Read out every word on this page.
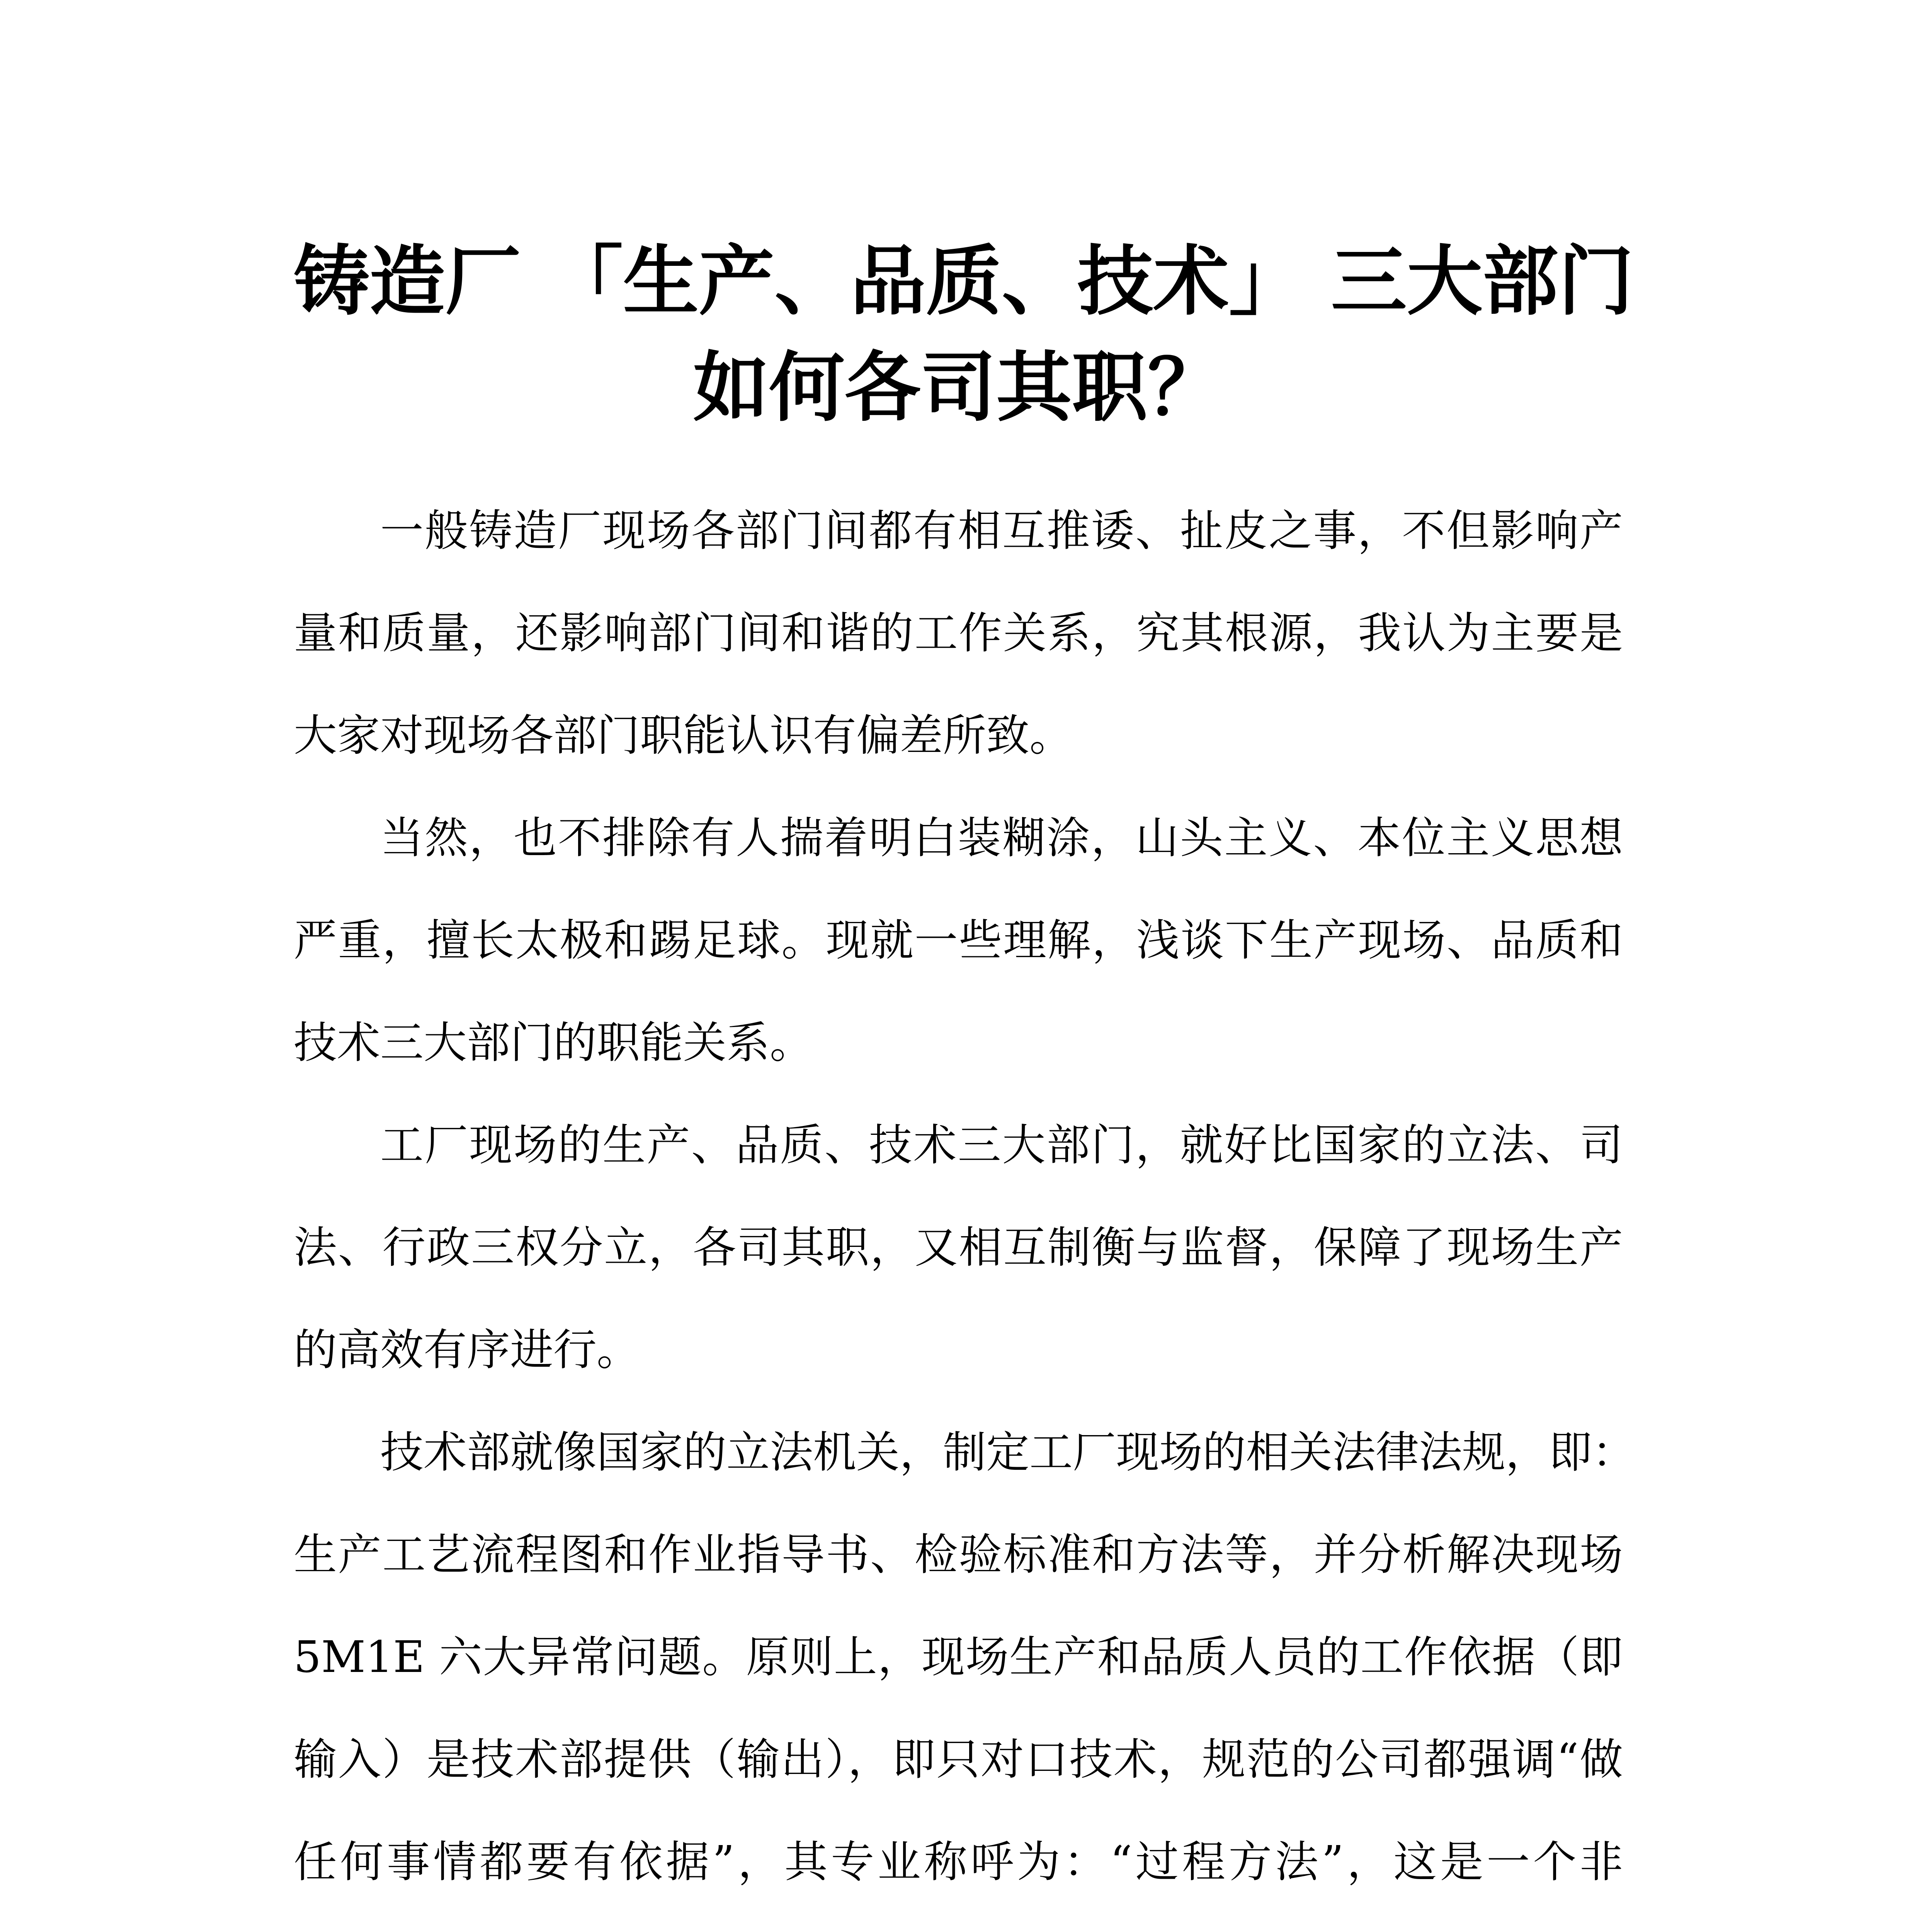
铸造厂 「生产、品质、技术」 三大部门
如何各司其职？
一般铸造厂现场各部门间都有相互推诿、扯皮之事，不但影响产
量和质量，还影响部门间和谐的工作关系，究其根源，我认为主要是
大家对现场各部门职能认识有偏差所致。
当然，也不排除有人揣着明白装糊涂，山头主义、本位主义思想
严重，擅长太极和踢足球。现就一些理解，浅谈下生产现场、品质和
技术三大部门的职能关系。
工厂现场的生产、品质、技术三大部门，就好比国家的立法、司
法、行政三权分立，各司其职，又相互制衡与监督，保障了现场生产
的高效有序进行。
技术部就像国家的立法机关，制定工厂现场的相关法律法规，即：
生产工艺流程图和作业指导书、检验标准和方法等，并分析解决现场
5M1E 六大异常问题。原则上，现场生产和品质人员的工作依据（即
输入）是技术部提供（输出），即只对口技术，规范的公司都强调“做
任何事情都要有依据”，其专业称呼为：“过程方法”，这是一个非
